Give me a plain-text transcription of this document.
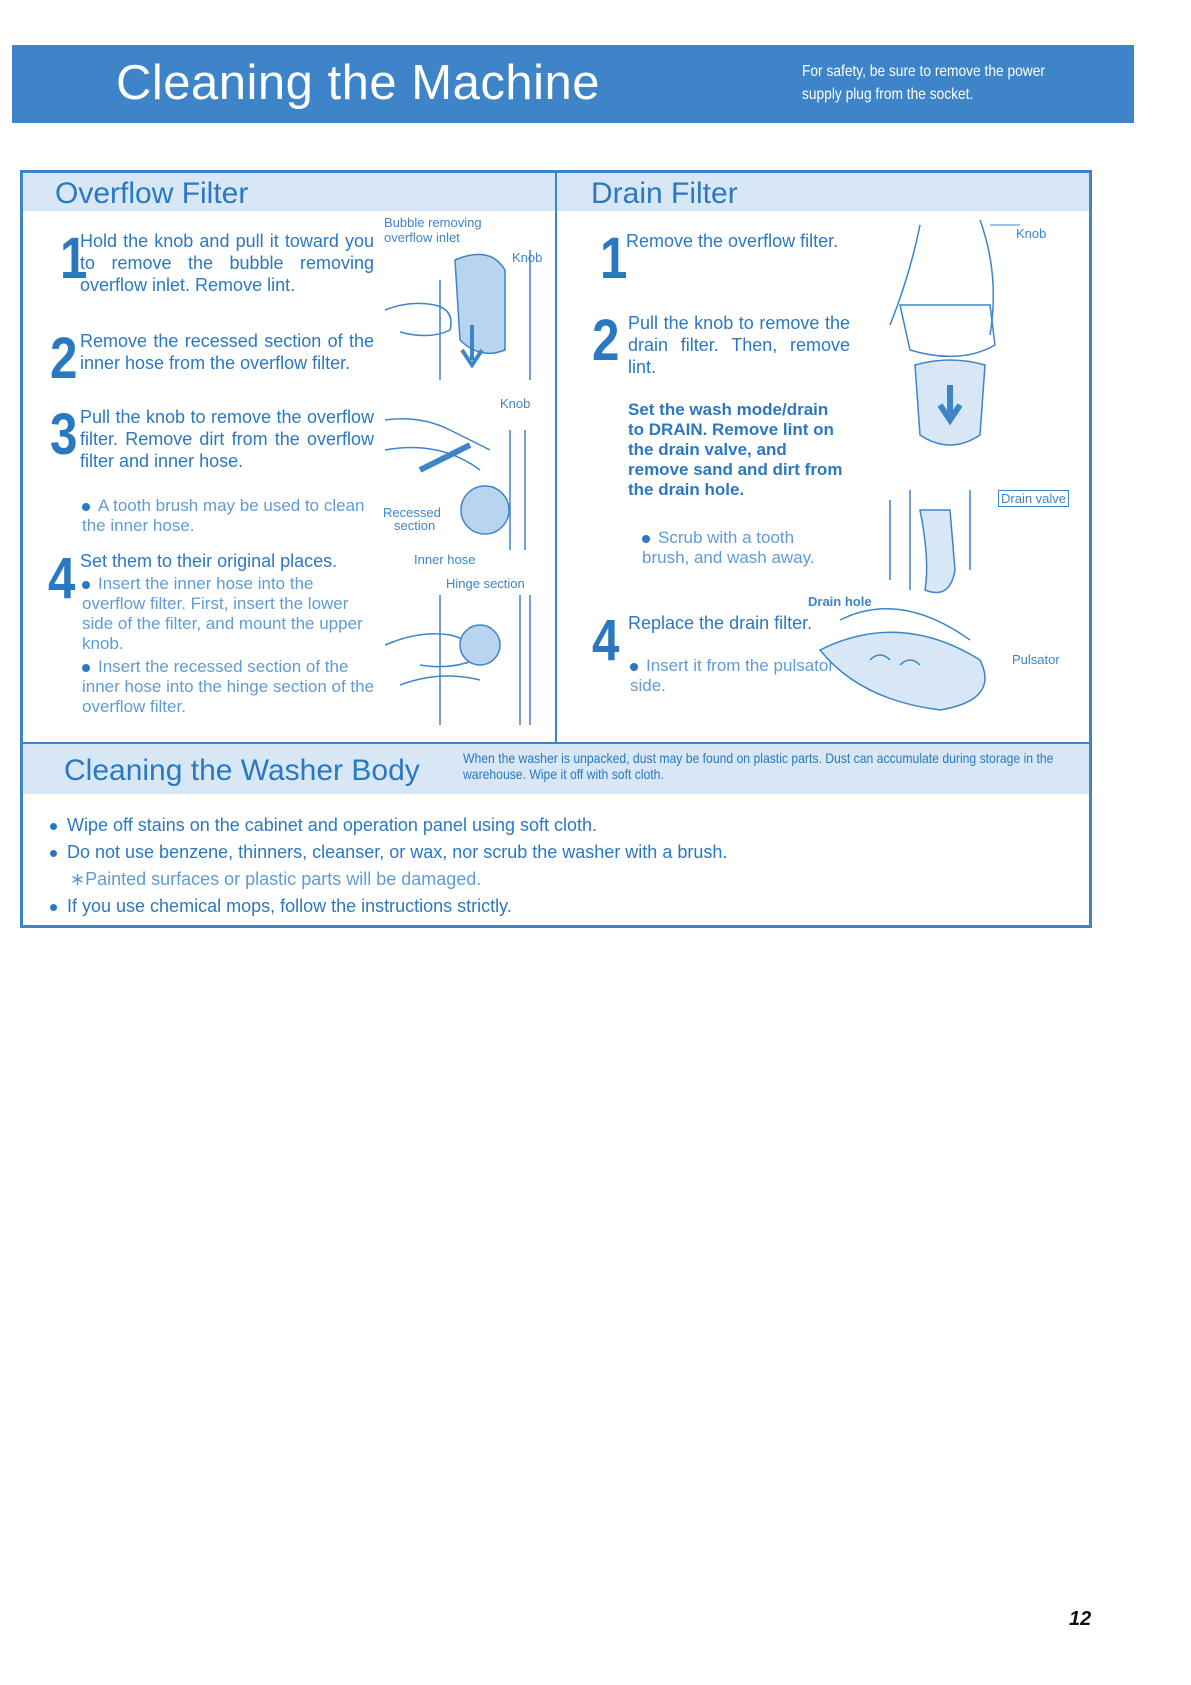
Cleaning the Machine	For safety, be sure to remove the power supply plug from the socket.
Overflow Filter	Drain Filter
Cleaning the Washer Body	When the washer is unpacked, dust may be found on plastic parts. Dust can accumulate during storage in the warehouse. Wipe it off with soft cloth.
1
Hold the knob and pull it toward you to remove the bubble removing overflow inlet. Remove lint.
2 Remove the recessed section of the inner hose from the overflow filter.
3 Pull the knob to remove the overflow filter. Remove dirt from the overflow filter and inner hose.
A tooth brush may be used to clean the inner hose.
4 Set them to their original places.
Insert the inner hose into the overflow filter. First, insert the lower side of the filter, and mount the upper knob.
Insert the recessed section of the inner hose into the hinge section of the overflow filter.
Bubble removing
overflow inlet
Knob
Knob
Recessed
section
Inner hose
Hinge section
1
Remove the overflow filter.
2 Pull the knob to remove the drain filter. Then, remove lint.
Set the wash mode/drain to DRAIN. Remove lint on the drain valve, and remove sand and dirt from the drain hole.
Scrub with a tooth brush, and wash away.
4 Replace the drain filter.
Insert it from the pulsator side.
Knob
Drain valve
Drain hole
Pulsator
Wipe off stains on the cabinet and operation panel using soft cloth.
Do not use benzene, thinners, cleanser, or wax, nor scrub the washer with a brush.
∗Painted surfaces or plastic parts will be damaged.
If you use chemical mops, follow the instructions strictly.
12
